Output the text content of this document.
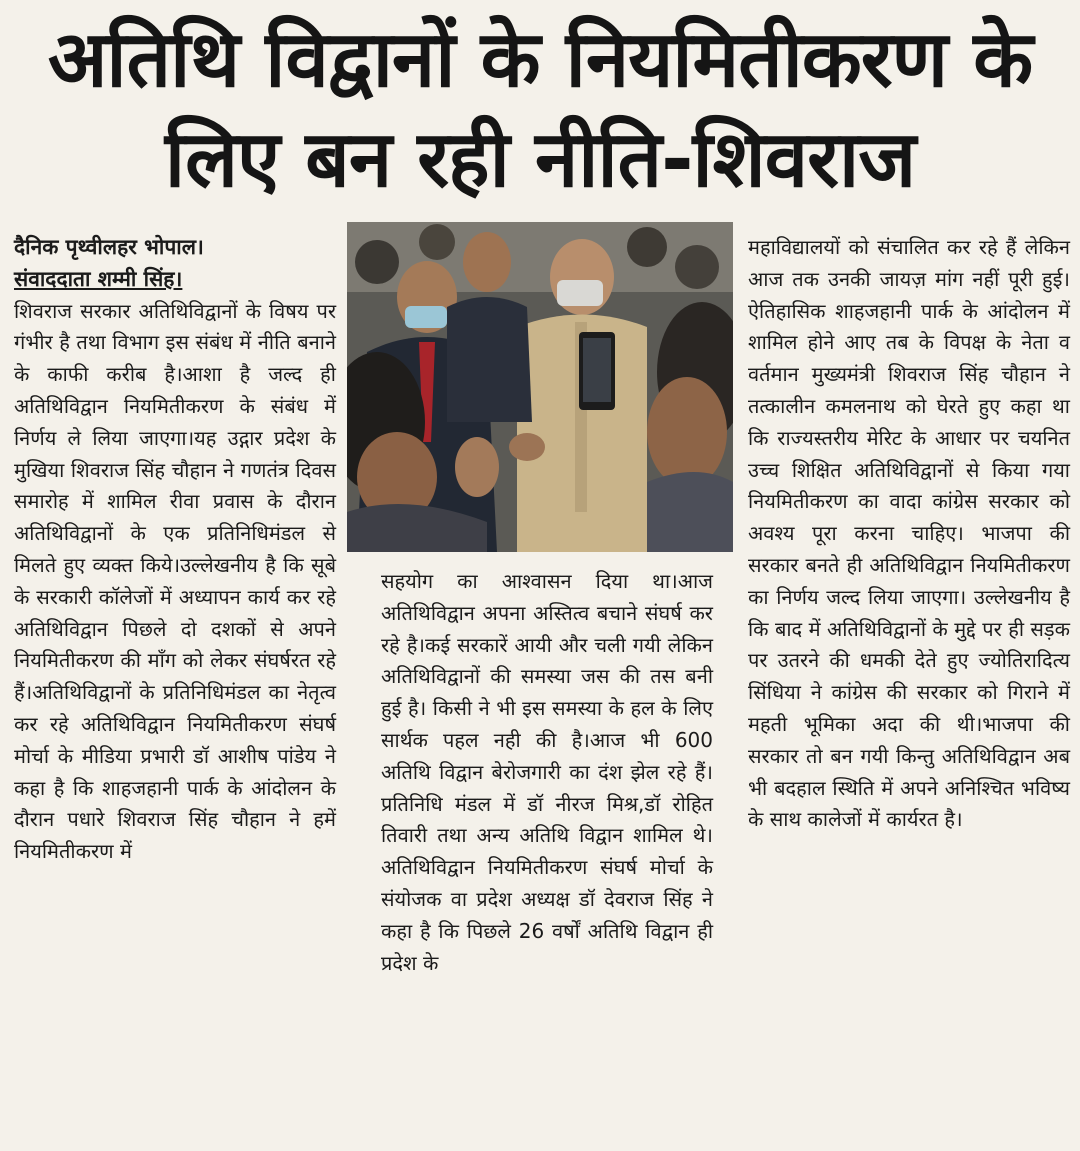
अतिथि विद्वानों के नियमितीकरण के
लिए बन रही नीति-शिवराज

दैनिक पृथ्वीलहर भोपाल।

संवाददाता शम्मी सिंह।

शिवराज सरकार अतिथिविद्वानों के विषय पर गंभीर है तथा विभाग इस संबंध में नीति बनाने के काफी करीब है।आशा है जल्द ही अतिथिविद्वान नियमितीकरण के संबंध में निर्णय ले लिया जाएगा।यह उद्गार प्रदेश के मुखिया शिवराज सिंह चौहान ने गणतंत्र दिवस समारोह में शामिल रीवा प्रवास के दौरान अतिथिविद्वानों के एक प्रतिनिधिमंडल से मिलते हुए व्यक्त किये।उल्लेखनीय है कि सूबे के सरकारी कॉलेजों में अध्यापन कार्य कर रहे अतिथिविद्वान पिछले दो दशकों से अपने नियमितीकरण की माँग को लेकर संघर्षरत रहे हैं।अतिथिविद्वानों के प्रतिनिधिमंडल का नेतृत्व कर रहे अतिथिविद्वान नियमितीकरण संघर्ष मोर्चा के मीडिया प्रभारी डॉ आशीष पांडेय ने कहा है कि शाहजहानी पार्क के आंदोलन के दौरान पधारे शिवराज सिंह चौहान ने हमें नियमितीकरण में

सहयोग का आश्वासन दिया था।आज अतिथिविद्वान अपना अस्तित्व बचाने संघर्ष कर रहे है।कई सरकारें आयी और चली गयी लेकिन अतिथिविद्वानों की समस्या जस की तस बनी हुई है। किसी ने भी इस समस्या के हल के लिए सार्थक पहल नही की है।आज भी 600 अतिथि विद्वान बेरोजगारी का दंश झेल रहे हैं। प्रतिनिधि मंडल में डॉ नीरज मिश्र,डॉ रोहित तिवारी तथा अन्य अतिथि विद्वान शामिल थे। अतिथिविद्वान नियमितीकरण संघर्ष मोर्चा के संयोजक वा प्रदेश अध्यक्ष डॉ देवराज सिंह ने कहा है कि पिछले 26 वर्षों अतिथि विद्वान ही प्रदेश के

महाविद्यालयों को संचालित कर रहे हैं लेकिन आज तक उनकी जायज़ मांग नहीं पूरी हुई।ऐतिहासिक शाहजहानी पार्क के आंदोलन में शामिल होने आए तब के विपक्ष के नेता व वर्तमान मुख्यमंत्री शिवराज सिंह चौहान ने तत्कालीन कमलनाथ को घेरते हुए कहा था कि राज्यस्तरीय मेरिट के आधार पर चयनित उच्च शिक्षित अतिथिविद्वानों से किया गया नियमितीकरण का वादा कांग्रेस सरकार को अवश्य पूरा करना चाहिए। भाजपा की सरकार बनते ही अतिथिविद्वान नियमितीकरण का निर्णय जल्द लिया जाएगा। उल्लेखनीय है कि बाद में अतिथिविद्वानों के मुद्दे पर ही सड़क पर उतरने की धमकी देते हुए ज्योतिरादित्य सिंधिया ने कांग्रेस की सरकार को गिराने में महती भूमिका अदा की थी।भाजपा की सरकार तो बन गयी किन्तु अतिथिविद्वान अब भी बदहाल स्थिति में अपने अनिश्चित भविष्य के साथ कालेजों में कार्यरत है।
